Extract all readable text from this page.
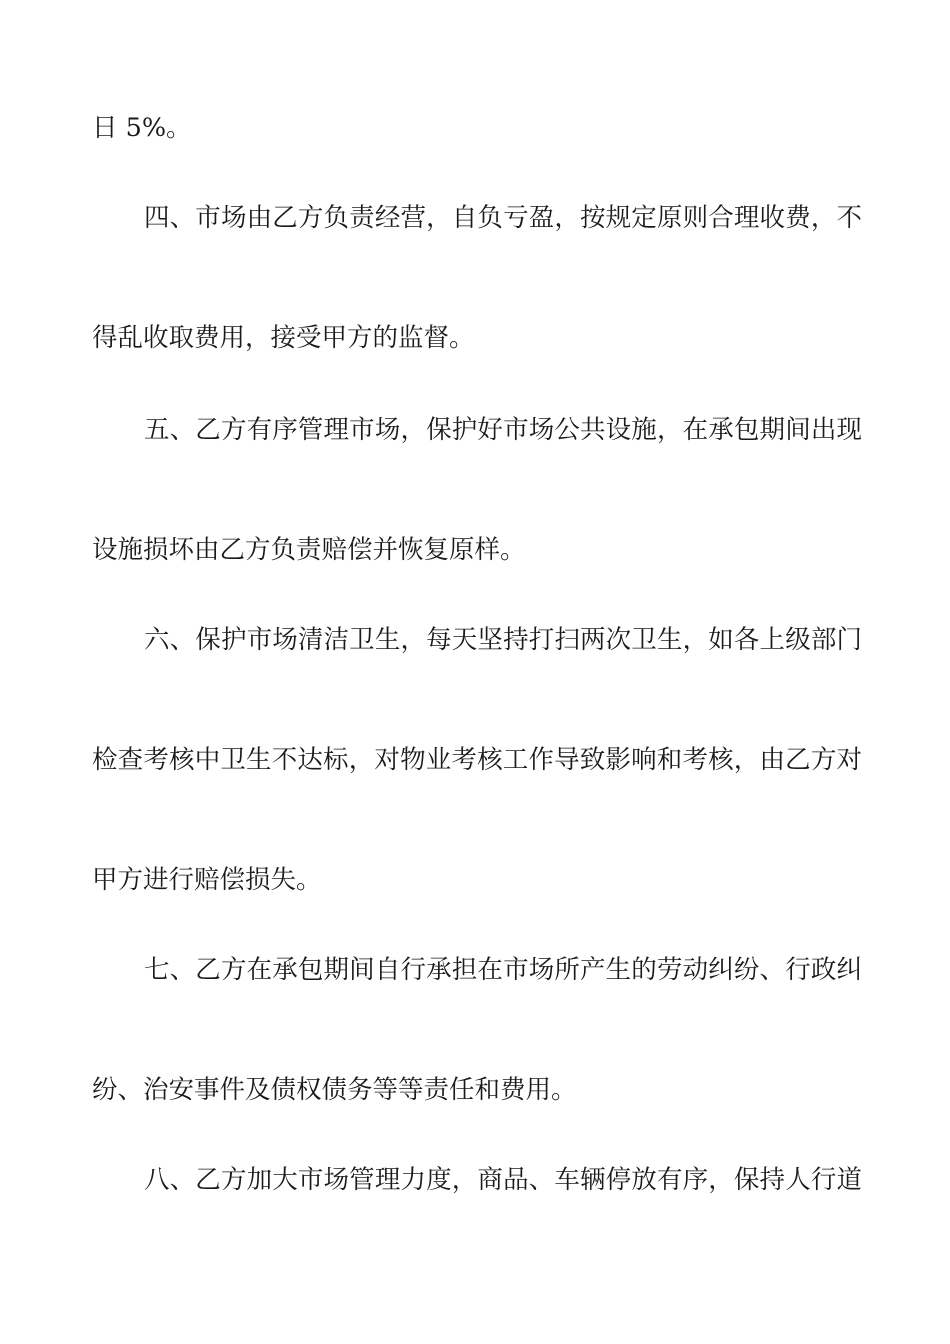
日 5%。
四、市场由乙方负责经营，自负亏盈，按规定原则合理收费，不
得乱收取费用，接受甲方的监督。
五、乙方有序管理市场，保护好市场公共设施，在承包期间出现
设施损坏由乙方负责赔偿并恢复原样。
六、保护市场清洁卫生，每天坚持打扫两次卫生，如各上级部门
检查考核中卫生不达标，对物业考核工作导致影响和考核，由乙方对
甲方进行赔偿损失。
七、乙方在承包期间自行承担在市场所产生的劳动纠纷、行政纠
纷、治安事件及债权债务等等责任和费用。
八、乙方加大市场管理力度，商品、车辆停放有序，保持人行道
